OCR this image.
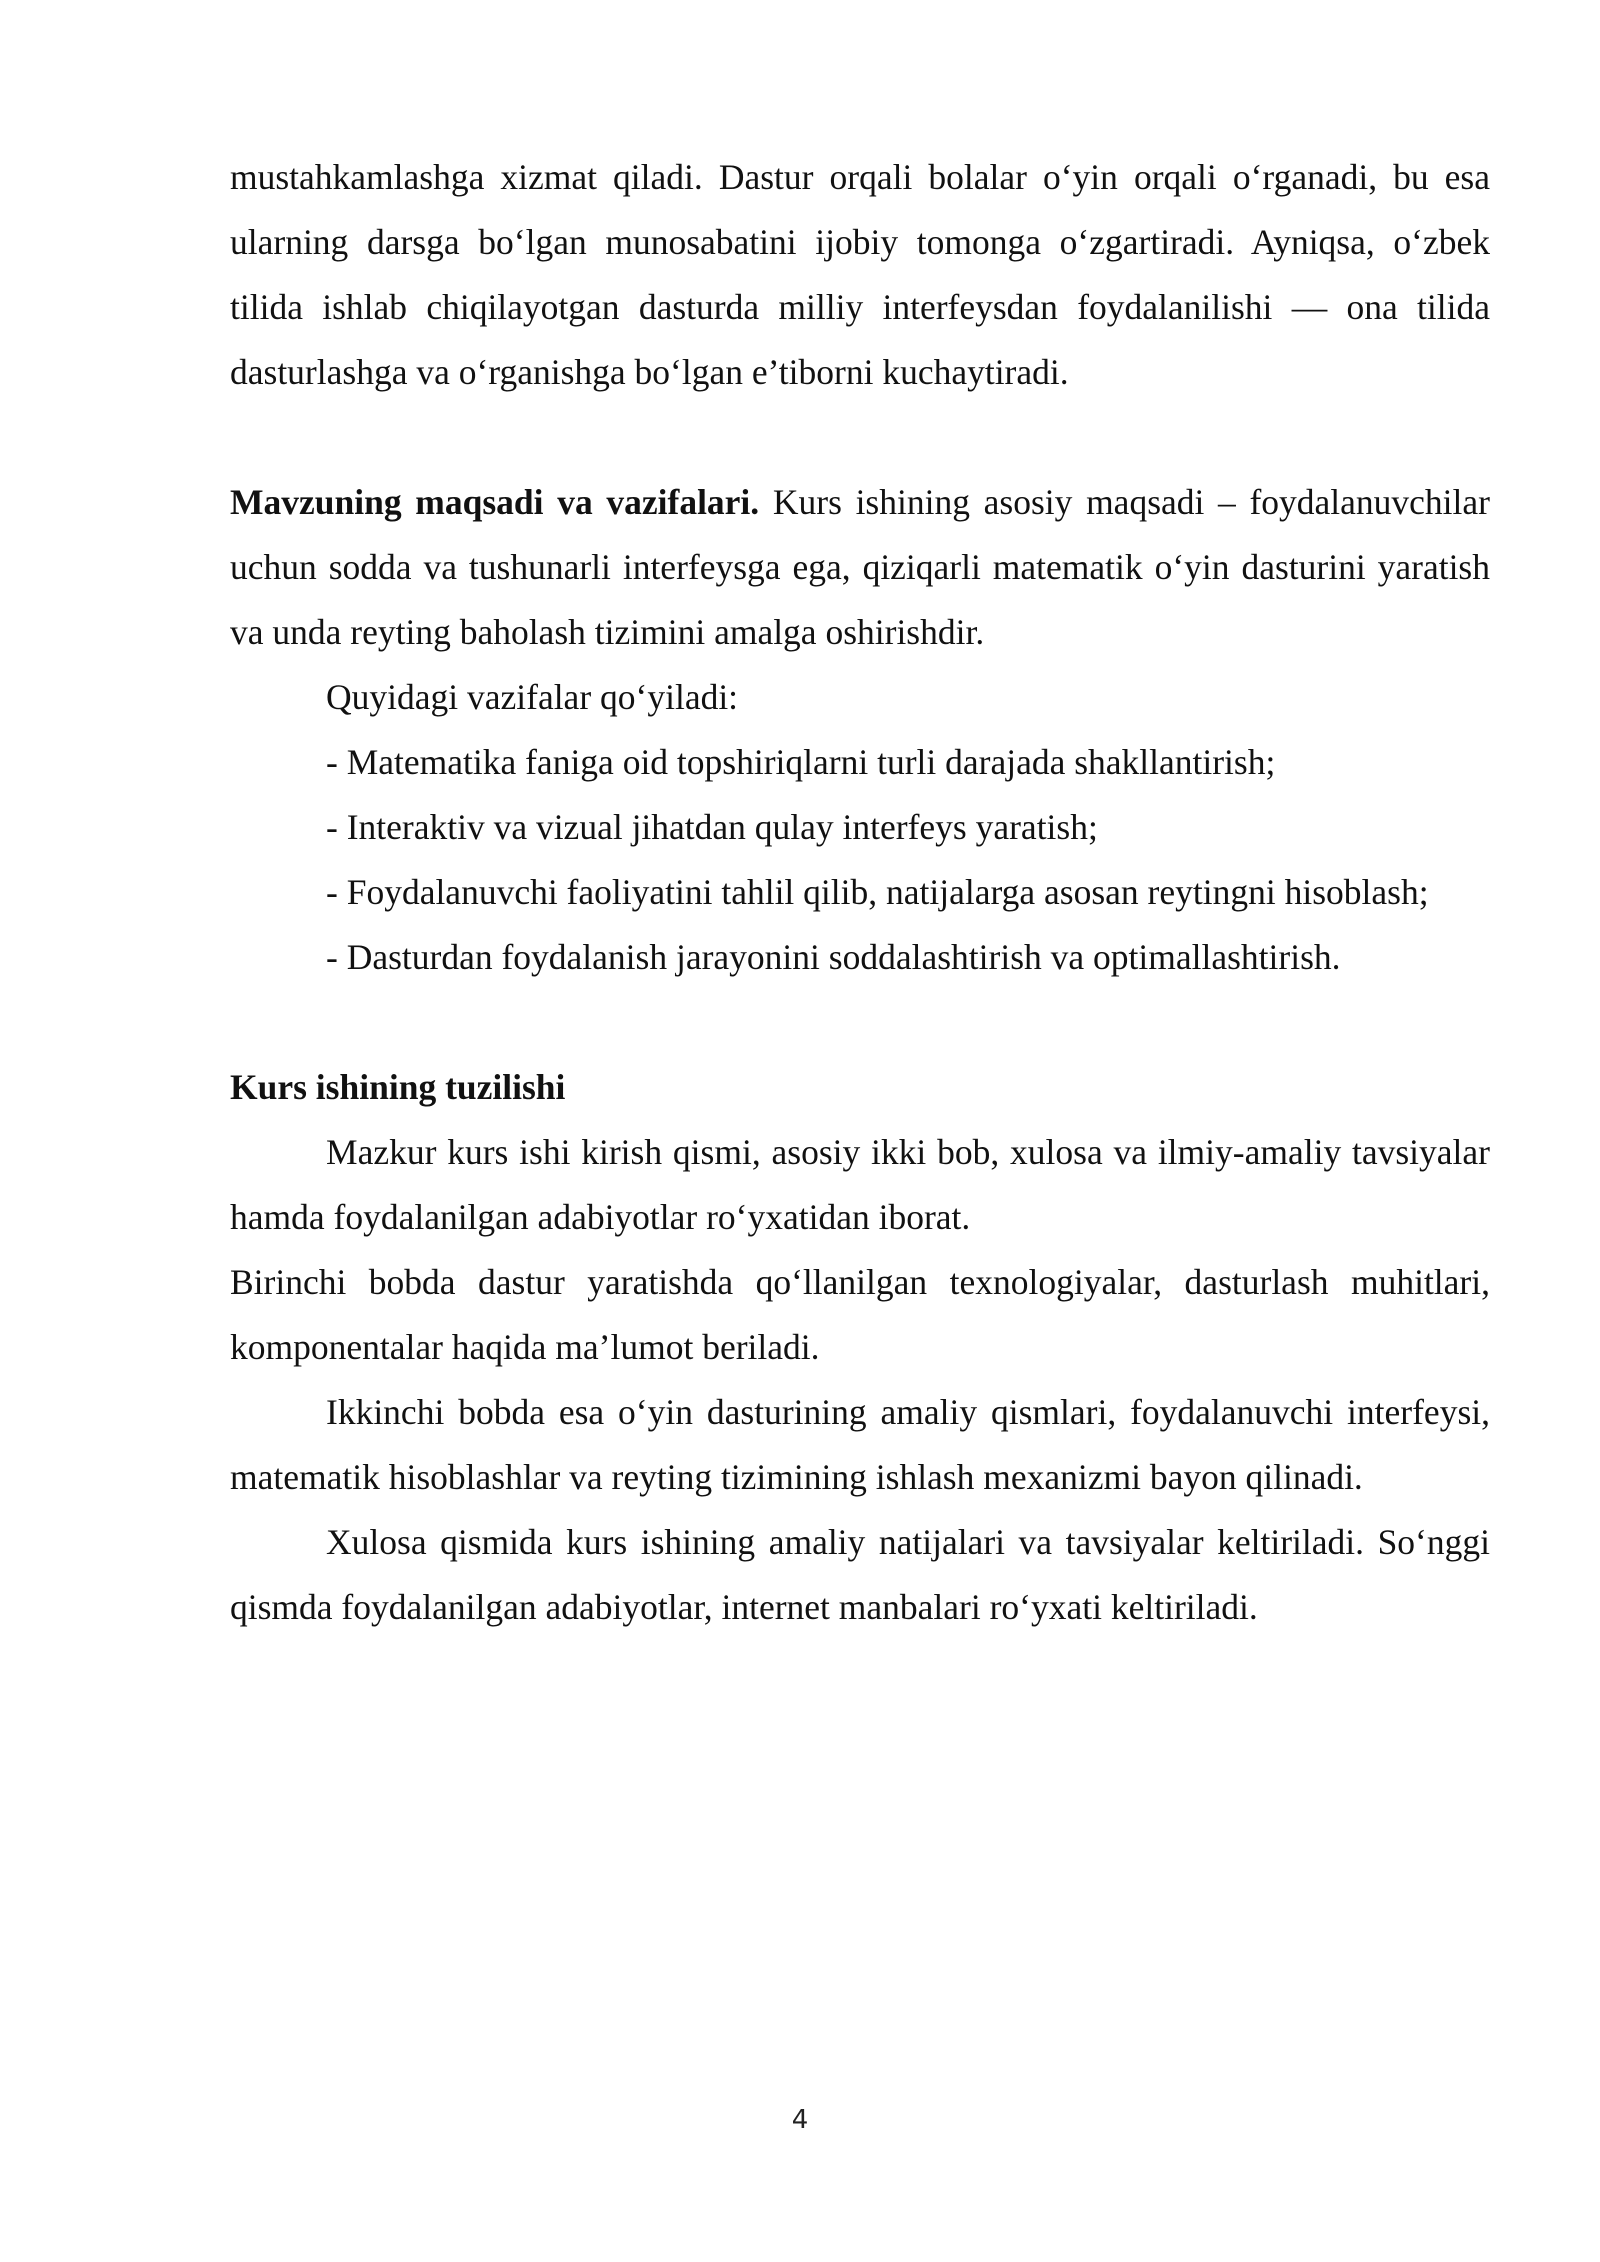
mustahkamlashga xizmat qiladi. Dastur orqali bolalar o‘yin orqali o‘rganadi, bu esa ularning darsga bo‘lgan munosabatini ijobiy tomonga o‘zgartiradi. Ayniqsa, o‘zbek tilida ishlab chiqilayotgan dasturda milliy interfeysdan foydalanilishi — ona tilida dasturlashga va o‘rganishga bo‘lgan e’tiborni kuchaytiradi.

Mavzuning maqsadi va vazifalari. Kurs ishining asosiy maqsadi – foydalanuvchilar uchun sodda va tushunarli interfeysga ega, qiziqarli matematik o‘yin dasturini yaratish va unda reyting baholash tizimini amalga oshirishdir.

Quyidagi vazifalar qo‘yiladi:

- Matematika faniga oid topshiriqlarni turli darajada shakllantirish;

- Interaktiv va vizual jihatdan qulay interfeys yaratish;

- Foydalanuvchi faoliyatini tahlil qilib, natijalarga asosan reytingni hisoblash;

- Dasturdan foydalanish jarayonini soddalashtirish va optimallashtirish.

Kurs ishining tuzilishi

Mazkur kurs ishi kirish qismi, asosiy ikki bob, xulosa va ilmiy-amaliy tavsiyalar hamda foydalanilgan adabiyotlar ro‘yxatidan iborat.

Birinchi bobda dastur yaratishda qo‘llanilgan texnologiyalar, dasturlash muhitlari, komponentalar haqida ma’lumot beriladi.

Ikkinchi bobda esa o‘yin dasturining amaliy qismlari, foydalanuvchi interfeysi, matematik hisoblashlar va reyting tizimining ishlash mexanizmi bayon qilinadi.

Xulosa qismida kurs ishining amaliy natijalari va tavsiyalar keltiriladi. So‘nggi qismda foydalanilgan adabiyotlar, internet manbalari ro‘yxati keltiriladi.

4
